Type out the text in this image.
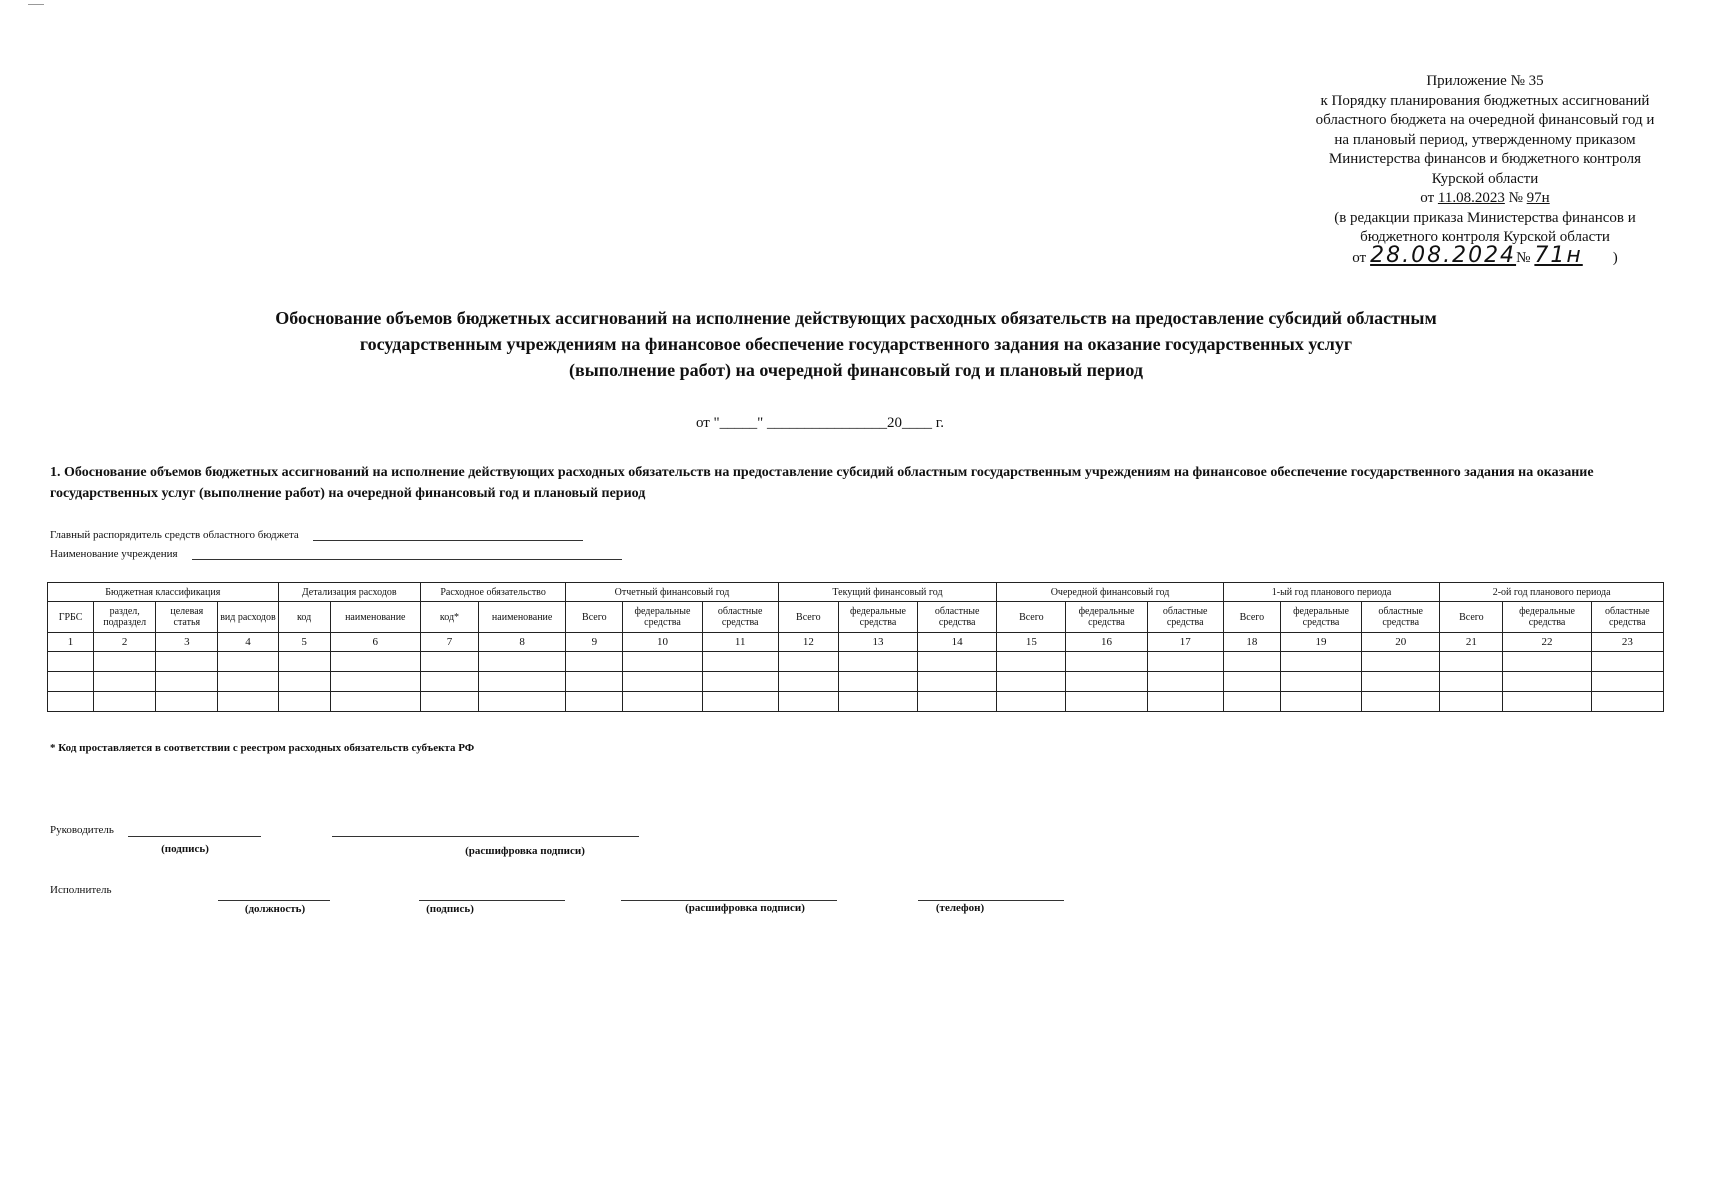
Приложение № 35
к Порядку планирования бюджетных ассигнований
областного бюджета на очередной финансовый год и
на плановый период, утвержденному приказом
Министерства финансов и бюджетного контроля
Курской области
от 11.08.2023 № 97н
(в редакции приказа Министерства финансов и
бюджетного контроля Курской области
от 28.08.2024№ 71н )
Обоснование объемов бюджетных ассигнований на исполнение действующих расходных обязательств на предоставление субсидий областным
государственным учреждениям на финансовое обеспечение государственного задания на оказание государственных услуг
(выполнение работ) на очередной финансовый год и плановый период
от "_____" ________________20____ г.
1. Обоснование объемов бюджетных ассигнований на исполнение действующих расходных обязательств на предоставление субсидий областным государственным учреждениям на финансовое обеспечение государственного задания на оказание государственных услуг (выполнение работ) на очередной финансовый год и плановый период
Главный распорядитель средств областного бюджета
Наименование учреждения
Бюджетная классификация				Детализация расходов		Расходное обязательство		Отчетный финансовый год			Текущий финансовый год			Очередной финансовый год			1-ый год планового периода			2-ой год планового периода		
ГРБС	раздел, подраздел	целевая статья	вид расходов	код	наименование	код*	наименование	Всего	федеральные средства	областные средства	Всего	федеральные средства	областные средства	Всего	федеральные средства	областные средства	Всего	федеральные средства	областные средства	Всего	федеральные средства	областные средства
1	2	3	4	5	6	7	8	9	10	11	12	13	14	15	16	17	18	19	20	21	22	23

* Код проставляется в соответствии с реестром расходных обязательств субъекта РФ
Руководитель
(подпись)	(расшифровка подписи)
Исполнитель
(должность)	(подпись)	(расшифровка подписи)	(телефон)
